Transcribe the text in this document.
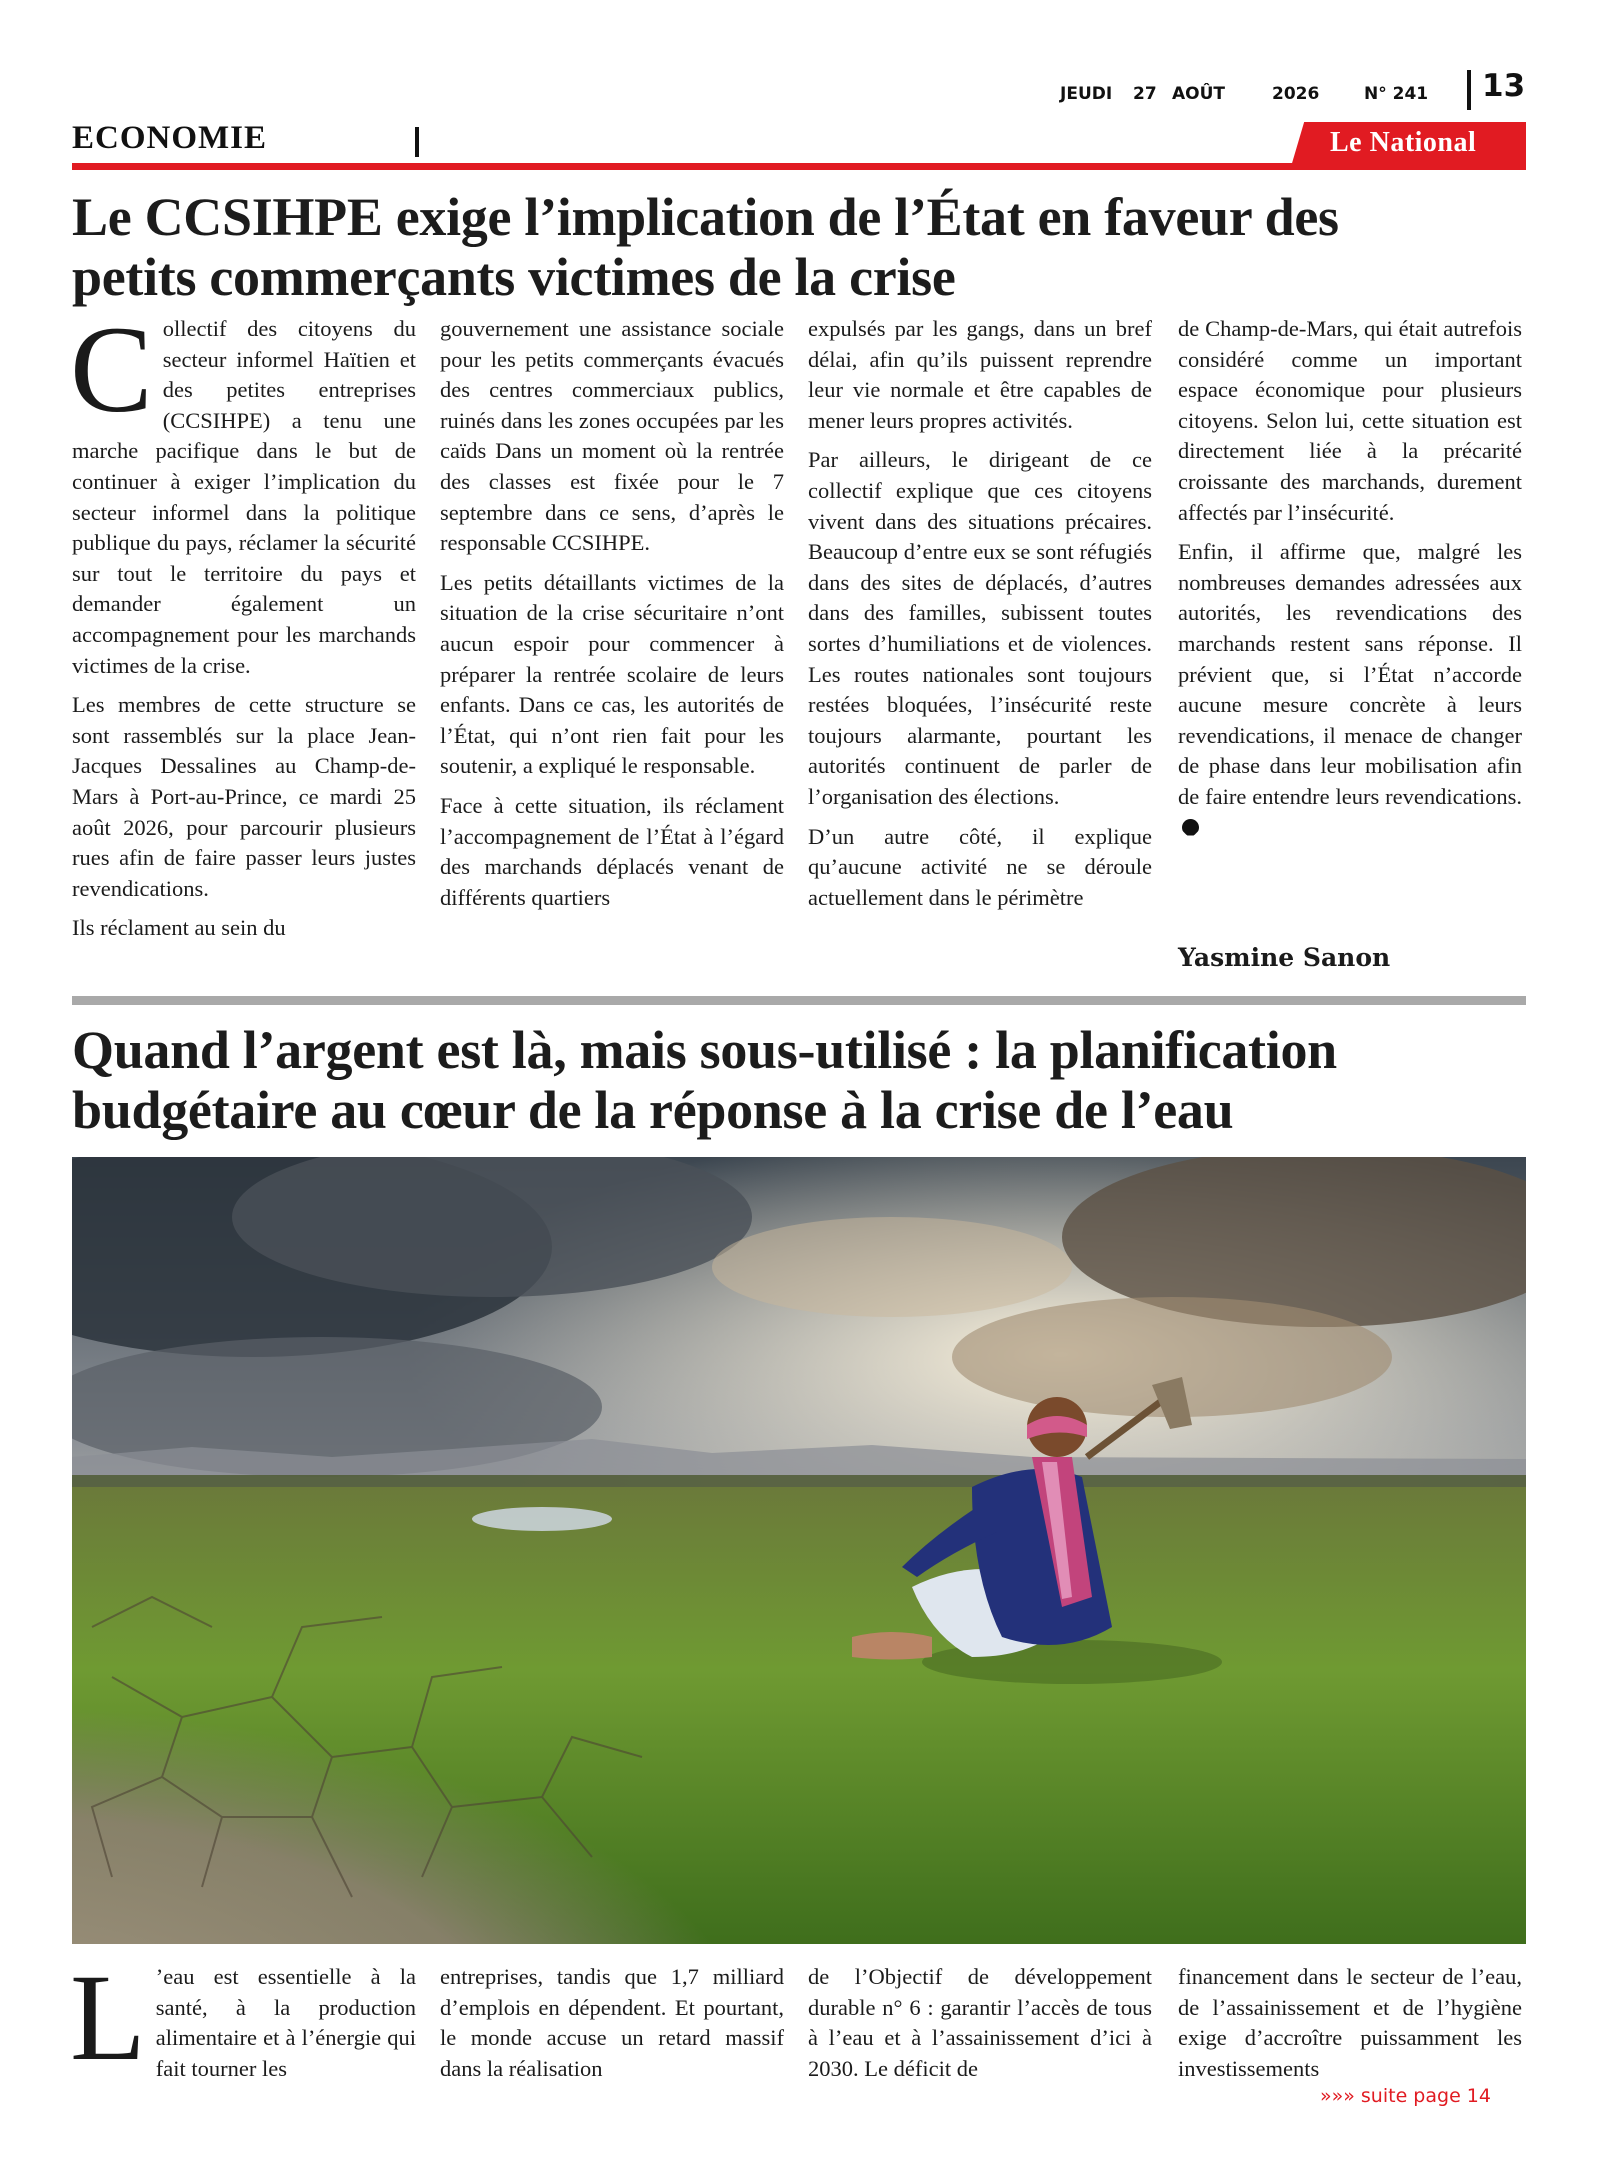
JEUDI 27 AOÛT	2026	N° 241 13
ECONOMIE	Le National
Le CCSIHPE exige l’implication de l’État en faveur des
petits commerçants victimes de la crise

Collectif des citoyens du secteur informel Haïtien et des petites entreprises (CCSIHPE) a tenu une marche pacifique dans le but de continuer à exiger l’implication du secteur informel dans la politique publique du pays, réclamer la sécurité sur tout le territoire du pays et demander également un accompagnement pour les marchands victimes de la crise.

Les membres de cette structure se sont rassemblés sur la place Jean-Jacques Dessalines au Champ-de-Mars à Port-au-Prince, ce mardi 25 août 2026, pour parcourir plusieurs rues afin de faire passer leurs justes revendications.

Ils réclament au sein du

gouvernement une assistance sociale pour les petits commerçants évacués des centres commerciaux publics, ruinés dans les zones occupées par les caïds Dans un moment où la rentrée des classes est fixée pour le 7 septembre dans ce sens, d’après le responsable CCSIHPE.

Les petits détaillants victimes de la situation de la crise sécuritaire n’ont aucun espoir pour commencer à préparer la rentrée scolaire de leurs enfants. Dans ce cas, les autorités de l’État, qui n’ont rien fait pour les soutenir, a expliqué le responsable.

Face à cette situation, ils réclament l’accompagnement de l’État à l’égard des marchands déplacés venant de différents quartiers

expulsés par les gangs, dans un bref délai, afin qu’ils puissent reprendre leur vie normale et être capables de mener leurs propres activités.

Par ailleurs, le dirigeant de ce collectif explique que ces citoyens vivent dans des situations précaires. Beaucoup d’entre eux se sont réfugiés dans des sites de déplacés, d’autres dans des familles, subissent toutes sortes d’humiliations et de violences. Les routes nationales sont toujours restées bloquées, l’insécurité reste toujours alarmante, pourtant les autorités continuent de parler de l’organisation des élections.

D’un autre côté, il explique qu’aucune activité ne se déroule actuellement dans le périmètre

de Champ-de-Mars, qui était autrefois considéré comme un important espace économique pour plusieurs citoyens. Selon lui, cette situation est directement liée à la précarité croissante des marchands, durement affectés par l’insécurité.

Enfin, il affirme que, malgré les nombreuses demandes adressées aux autorités, les revendications des marchands restent sans réponse. Il prévient que, si l’État n’accorde aucune mesure concrète à leurs revendications, il menace de changer de phase dans leur mobilisation afin de faire entendre leurs revendications.

Yasmine Sanon
Quand l’argent est là, mais sous-utilisé : la planification
budgétaire au cœur de la réponse à la crise de l’eau

L ’eau est essentielle à la santé, à la production alimentaire et à l’énergie qui fait tourner les

entreprises, tandis que 1,7 milliard d’emplois en dépendent. Et pourtant, le monde accuse un retard massif dans la réalisation

de l’Objectif de développement durable n° 6 : garantir l’accès de tous à l’eau et à l’assainissement d’ici à 2030. Le déficit de

financement dans le secteur de l’eau, de l’assainissement et de l’hygiène exige d’accroître puissamment les investissements

»»» suite page 14
